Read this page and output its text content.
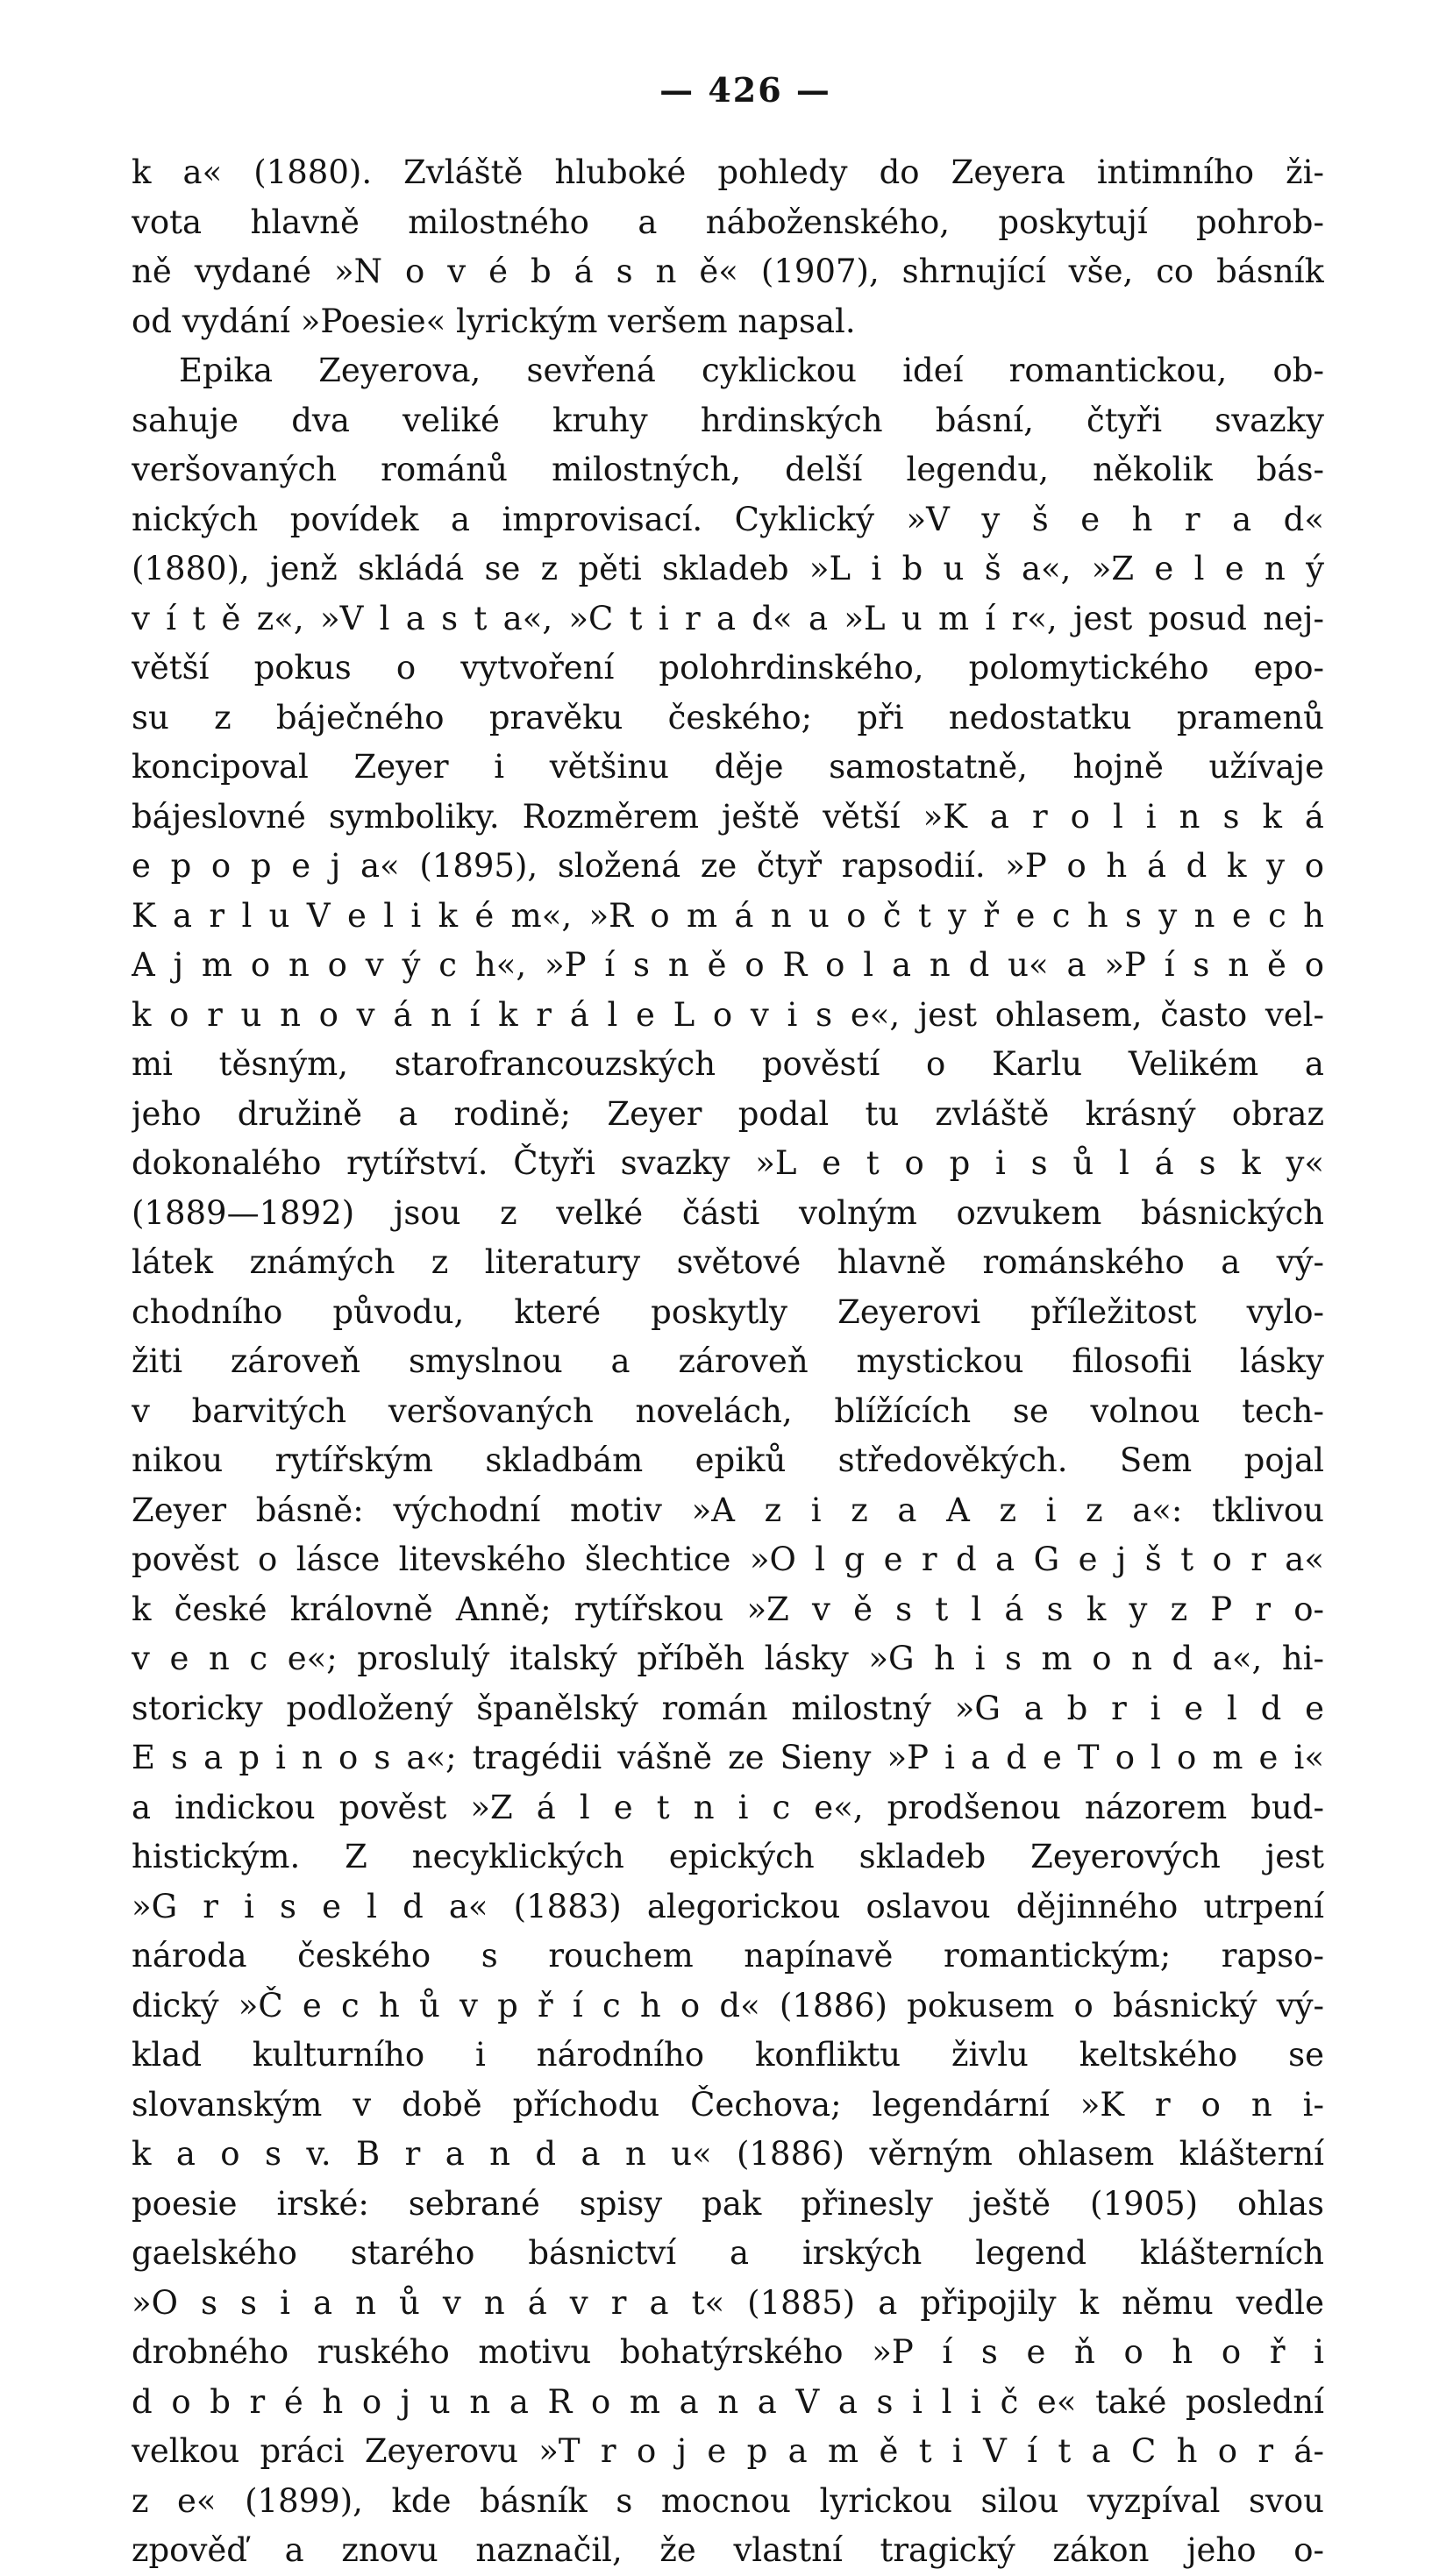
— 426 —
k a« (1880). Zvláště hluboké pohledy do Zeyera intimního ži-
vota hlavně milostného a náboženského, poskytují pohrob-
ně vydané »N o v é b á s n ě« (1907), shrnující vše, co básník
od vydání »Poesie« lyrickým veršem napsal.
Epika Zeyerova, sevřená cyklickou ideí romantickou, ob-
sahuje dva veliké kruhy hrdinských básní, čtyři svazky
veršovaných románů milostných, delší legendu, několik bás-
nických povídek a improvisací. Cyklický »V y š e h r a d«
(1880), jenž skládá se z pěti skladeb »L i b u š a«, »Z e l e n ý
v í t ě z«, »V l a s t a«, »C t i r a d« a »L u m í r«, jest posud nej-
větší pokus o vytvoření polohrdinského, polomytického epo-
su z báječného pravěku českého; při nedostatku pramenů
koncipoval Zeyer i většinu děje samostatně, hojně užívaje
bájeslovné symboliky. Rozměrem ještě větší »K a r o l i n s k á
e p o p e j a« (1895), složená ze čtyř rapsodií. »P o h á d k y o
K a r l u V e l i k é m«, »R o m á n u o č t y ř e c h s y n e c h
A j m o n o v ý c h«, »P í s n ě o R o l a n d u« a »P í s n ě o
k o r u n o v á n í k r á l e L o v i s e«, jest ohlasem, často vel-
mi těsným, starofrancouzských pověstí o Karlu Velikém a
jeho družině a rodině; Zeyer podal tu zvláště krásný obraz
dokonalého rytířství. Čtyři svazky »L e t o p i s ů l á s k y«
(1889—1892) jsou z velké části volným ozvukem básnických
látek známých z literatury světové hlavně románského a vý-
chodního původu, které poskytly Zeyerovi příležitost vylo-
žiti zároveň smyslnou a zároveň mystickou filosofii lásky
v barvitých veršovaných novelách, blížících se volnou tech-
nikou rytířským skladbám epiků středověkých. Sem pojal
Zeyer básně: východní motiv »A z i z a A z i z a«: tklivou
pověst o lásce litevského šlechtice »O l g e r d a G e j š t o r a«
k české královně Anně; rytířskou »Z v ě s t l á s k y z P r o-
v e n c e«; proslulý italský příběh lásky »G h i s m o n d a«, hi-
storicky podložený španělský román milostný »G a b r i e l d e
E s a p i n o s a«; tragédii vášně ze Sieny »P i a d e T o l o m e i«
a indickou pověst »Z á l e t n i c e«, prodšenou názorem bud-
histickým. Z necyklických epických skladeb Zeyerových jest
»G r i s e l d a« (1883) alegorickou oslavou dějinného utrpení
národa českého s rouchem napínavě romantickým; rapso-
dický »Č e c h ů v p ř í c h o d« (1886) pokusem o básnický vý-
klad kulturního i národního konfliktu živlu keltského se
slovanským v době příchodu Čechova; legendární »K r o n i-
k a o s v. B r a n d a n u« (1886) věrným ohlasem klášterní
poesie irské: sebrané spisy pak přinesly ještě (1905) ohlas
gaelského starého básnictví a irských legend klášterních
»O s s i a n ů v n á v r a t« (1885) a připojily k němu vedle
drobného ruského motivu bohatýrského »P í s e ň o h o ř i
d o b r é h o j u n a R o m a n a V a s i l i č e« také poslední
velkou práci Zeyerovu »T r o j e p a m ě t i V í t a C h o r á-
z e« (1899), kde básník s mocnou lyrickou silou vyzpíval svou
zpověď a znovu naznačil, že vlastní tragický zákon jeho o-
